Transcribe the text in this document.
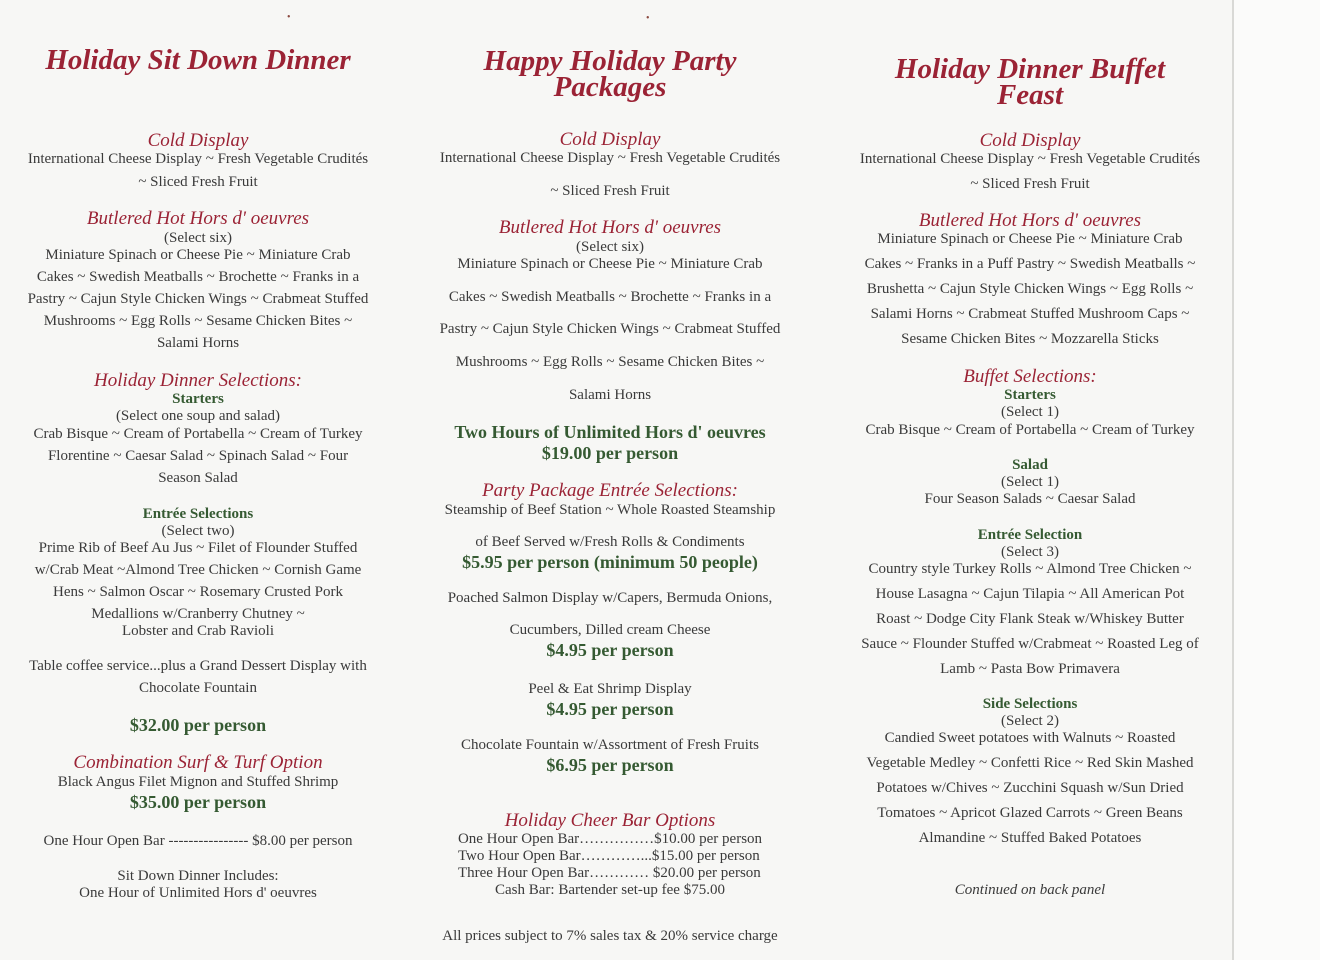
•	•
Holiday Sit Down Dinner
Cold Display
International Cheese Display ~ Fresh Vegetable Crudités
~ Sliced Fresh Fruit
Butlered Hot Hors d' oeuvres
(Select six)
Miniature Spinach or Cheese Pie ~ Miniature Crab
Cakes ~ Swedish Meatballs ~ Brochette ~ Franks in a
Pastry ~ Cajun Style Chicken Wings ~ Crabmeat Stuffed
Mushrooms ~ Egg Rolls ~ Sesame Chicken Bites ~
Salami Horns
Holiday Dinner Selections:
Starters
(Select one soup and salad)
Crab Bisque ~ Cream of Portabella ~ Cream of Turkey
Florentine ~ Caesar Salad ~ Spinach Salad ~ Four
Season Salad
Entrée Selections
(Select two)
Prime Rib of Beef Au Jus ~ Filet of Flounder Stuffed
w/Crab Meat ~Almond Tree Chicken ~ Cornish Game
Hens ~ Salmon Oscar ~ Rosemary Crusted Pork
Medallions w/Cranberry Chutney ~
Lobster and Crab Ravioli
Table coffee service...plus a Grand Dessert Display with
Chocolate Fountain
$32.00 per person
Combination Surf & Turf Option
Black Angus Filet Mignon and Stuffed Shrimp
$35.00 per person
One Hour Open Bar ---------------- $8.00 per person
Sit Down Dinner Includes:
One Hour of Unlimited Hors d' oeuvres
Happy Holiday Party
Packages
Cold Display
International Cheese Display ~ Fresh Vegetable Crudités
~ Sliced Fresh Fruit
Butlered Hot Hors d' oeuvres
(Select six)
Miniature Spinach or Cheese Pie ~ Miniature Crab
Cakes ~ Swedish Meatballs ~ Brochette ~ Franks in a
Pastry ~ Cajun Style Chicken Wings ~ Crabmeat Stuffed
Mushrooms ~ Egg Rolls ~ Sesame Chicken Bites ~
Salami Horns
Two Hours of Unlimited Hors d' oeuvres
$19.00 per person
Party Package Entrée Selections:
Steamship of Beef Station ~ Whole Roasted Steamship
of Beef Served w/Fresh Rolls & Condiments
$5.95 per person (minimum 50 people)
Poached Salmon Display w/Capers, Bermuda Onions,
Cucumbers, Dilled cream Cheese
$4.95 per person
Peel & Eat Shrimp Display
$4.95 per person
Chocolate Fountain w/Assortment of Fresh Fruits
$6.95 per person
Holiday Cheer Bar Options
One Hour Open Bar……………$10.00 per person
Two Hour Open Bar…………...$15.00 per person
Three Hour Open Bar………… $20.00 per person
Cash Bar: Bartender set-up fee $75.00
All prices subject to 7% sales tax & 20% service charge
Holiday Dinner Buffet
Feast
Cold Display
International Cheese Display ~ Fresh Vegetable Crudités
~ Sliced Fresh Fruit
Butlered Hot Hors d' oeuvres
Miniature Spinach or Cheese Pie ~ Miniature Crab
Cakes ~ Franks in a Puff Pastry ~ Swedish Meatballs ~
Brushetta ~ Cajun Style Chicken Wings ~ Egg Rolls ~
Salami Horns ~ Crabmeat Stuffed Mushroom Caps ~
Sesame Chicken Bites ~ Mozzarella Sticks
Buffet Selections:
Starters
(Select 1)
Crab Bisque ~ Cream of Portabella ~ Cream of Turkey
Salad
(Select 1)
Four Season Salads ~ Caesar Salad
Entrée Selection
(Select 3)
Country style Turkey Rolls ~ Almond Tree Chicken ~
House Lasagna ~ Cajun Tilapia ~ All American Pot
Roast ~ Dodge City Flank Steak w/Whiskey Butter
Sauce ~ Flounder Stuffed w/Crabmeat ~ Roasted Leg of
Lamb ~ Pasta Bow Primavera
Side Selections
(Select 2)
Candied Sweet potatoes with Walnuts ~ Roasted
Vegetable Medley ~ Confetti Rice ~ Red Skin Mashed
Potatoes w/Chives ~ Zucchini Squash w/Sun Dried
Tomatoes ~ Apricot Glazed Carrots ~ Green Beans
Almandine ~ Stuffed Baked Potatoes
Continued on back panel
